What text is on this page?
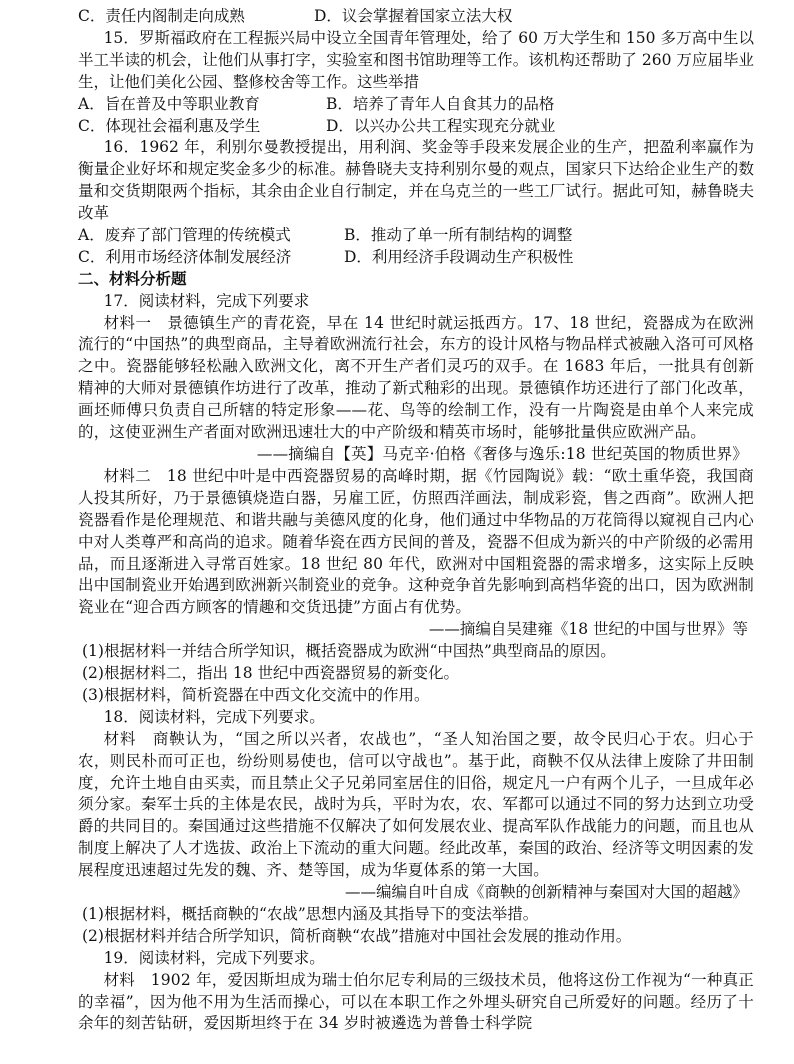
C．责任内阁制走向成熟	D．议会掌握着国家立法大权
15．罗斯福政府在工程振兴局中设立全国青年管理处，给了 60 万大学生和 150 多万高中生以半工半读的机会，让他们从事打字，实验室和图书馆助理等工作。该机构还帮助了 260 万应届毕业生，让他们美化公园、整修校舍等工作。这些举措
A．旨在普及中等职业教育	B．培养了青年人自食其力的品格
C．体现社会福利惠及学生	D．以兴办公共工程实现充分就业
16．1962 年，利别尔曼教授提出，用利润、奖金等手段来发展企业的生产，把盈利率赢作为衡量企业好坏和规定奖金多少的标准。赫鲁晓夫支持利别尔曼的观点，国家只下达给企业生产的数量和交货期限两个指标，其余由企业自行制定，并在乌克兰的一些工厂试行。据此可知，赫鲁晓夫改革
A．废弃了部门管理的传统模式	B．推动了单一所有制结构的调整
C．利用市场经济体制发展经济	D．利用经济手段调动生产积极性
二、材料分析题
17．阅读材料，完成下列要求
材料一　景德镇生产的青花瓷，早在 14 世纪时就运抵西方。17、18 世纪，瓷器成为在欧洲流行的“中国热”的典型商品，主导着欧洲流行社会，东方的设计风格与物品样式被融入洛可可风格之中。瓷器能够轻松融入欧洲文化，离不开生产者们灵巧的双手。在 1683 年后，一批具有创新精神的大师对景德镇作坊进行了改革，推动了新式釉彩的出现。景德镇作坊还进行了部门化改革，画坯师傅只负责自己所辖的特定形象——花、鸟等的绘制工作，没有一片陶瓷是由单个人来完成的，这使亚洲生产者面对欧洲迅速壮大的中产阶级和精英市场时，能够批量供应欧洲产品。
——摘编自【英】马克辛·伯格《奢侈与逸乐:18 世纪英国的物质世界》
材料二　18 世纪中叶是中西瓷器贸易的高峰时期，据《竹园陶说》载：“欧土重华瓷，我国商人投其所好，乃于景德镇烧造白器，另雇工匠，仿照西洋画法，制成彩瓷，售之西商”。欧洲人把瓷器看作是伦理规范、和谐共融与美德风度的化身，他们通过中华物品的万花筒得以窥视自己内心中对人类尊严和高尚的追求。随着华瓷在西方民间的普及，瓷器不但成为新兴的中产阶级的必需用品，而且逐渐进入寻常百姓家。18 世纪 80 年代，欧洲对中国粗瓷器的需求增多，这实际上反映出中国制瓷业开始遇到欧洲新兴制瓷业的竞争。这种竞争首先影响到高档华瓷的出口，因为欧洲制瓷业在“迎合西方顾客的情趣和交货迅捷”方面占有优势。
——摘编自吴建雍《18 世纪的中国与世界》等
(1)根据材料一并结合所学知识，概括瓷器成为欧洲“中国热”典型商品的原因。
(2)根据材料二，指出 18 世纪中西瓷器贸易的新变化。
(3)根据材料，简析瓷器在中西文化交流中的作用。
18．阅读材料，完成下列要求。
材料　商鞅认为，“国之所以兴者，农战也”，“圣人知治国之要，故令民归心于农。归心于农，则民朴而可正也，纷纷则易使也，信可以守战也”。基于此，商鞅不仅从法律上废除了井田制度，允许土地自由买卖，而且禁止父子兄弟同室居住的旧俗，规定凡一户有两个儿子，一旦成年必须分家。秦军士兵的主体是农民，战时为兵，平时为农，农、军都可以通过不同的努力达到立功受爵的共同目的。秦国通过这些措施不仅解决了如何发展农业、提高军队作战能力的问题，而且也从制度上解决了人才选拔、政治上下流动的重大问题。经此改革，秦国的政治、经济等文明因素的发展程度迅速超过先发的魏、齐、楚等国，成为华夏体系的第一大国。
——编编自叶自成《商鞅的创新精神与秦国对大国的超越》
(1)根据材料，概括商鞅的“农战”思想内涵及其指导下的变法举措。
(2)根据材料并结合所学知识，简析商鞅“农战”措施对中国社会发展的推动作用。
19．阅读材料，完成下列要求。
材料　1902 年，爱因斯坦成为瑞士伯尔尼专利局的三级技术员，他将这份工作视为“一种真正的幸福”，因为他不用为生活而操心，可以在本职工作之外埋头研究自己所爱好的问题。经历了十余年的刻苦钻研，爱因斯坦终于在 34 岁时被遴选为普鲁士科学院
